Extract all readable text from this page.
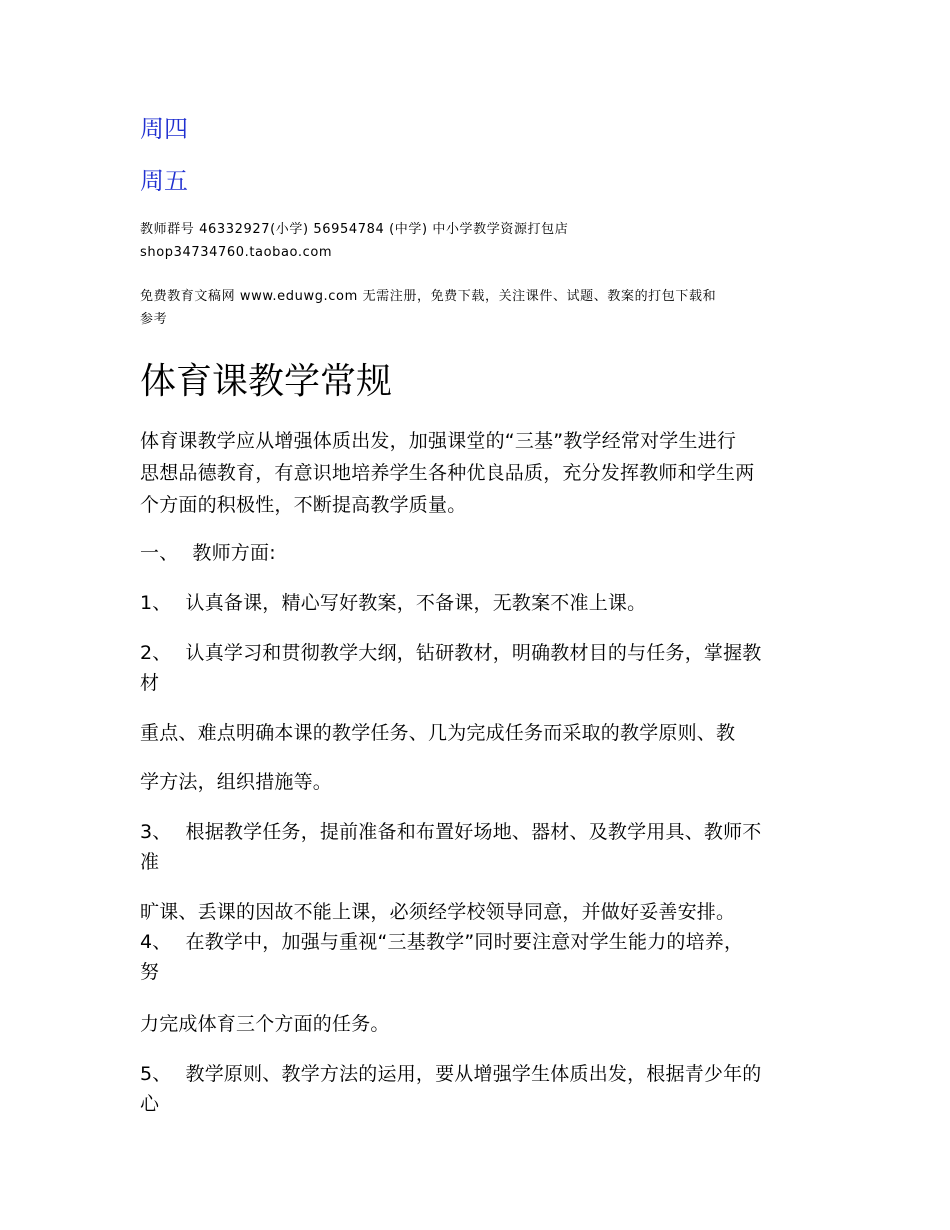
周四
周五
教师群号 46332927(小学) 56954784 (中学) 中小学教学资源打包店
shop34734760.taobao.com
免费教育文稿网 www.eduwg.com 无需注册，免费下载，关注课件、试题、教案的打包下载和
参考
体育课教学常规
体育课教学应从增强体质出发，加强课堂的“三基”教学经常对学生进行
思想品德教育，有意识地培养学生各种优良品质，充分发挥教师和学生两
个方面的积极性，不断提高教学质量。
一、 教师方面:
1、 认真备课，精心写好教案，不备课，无教案不准上课。
2、 认真学习和贯彻教学大纲，钻研教材，明确教材目的与任务，掌握教
材
重点、难点明确本课的教学任务、几为完成任务而采取的教学原则、教
学方法，组织措施等。
3、 根据教学任务，提前准备和布置好场地、器材、及教学用具、教师不
准
旷课、丢课的因故不能上课，必须经学校领导同意，并做好妥善安排。
4、 在教学中，加强与重视“三基教学”同时要注意对学生能力的培养，
努
力完成体育三个方面的任务。
5、 教学原则、教学方法的运用，要从增强学生体质出发，根据青少年的
心
